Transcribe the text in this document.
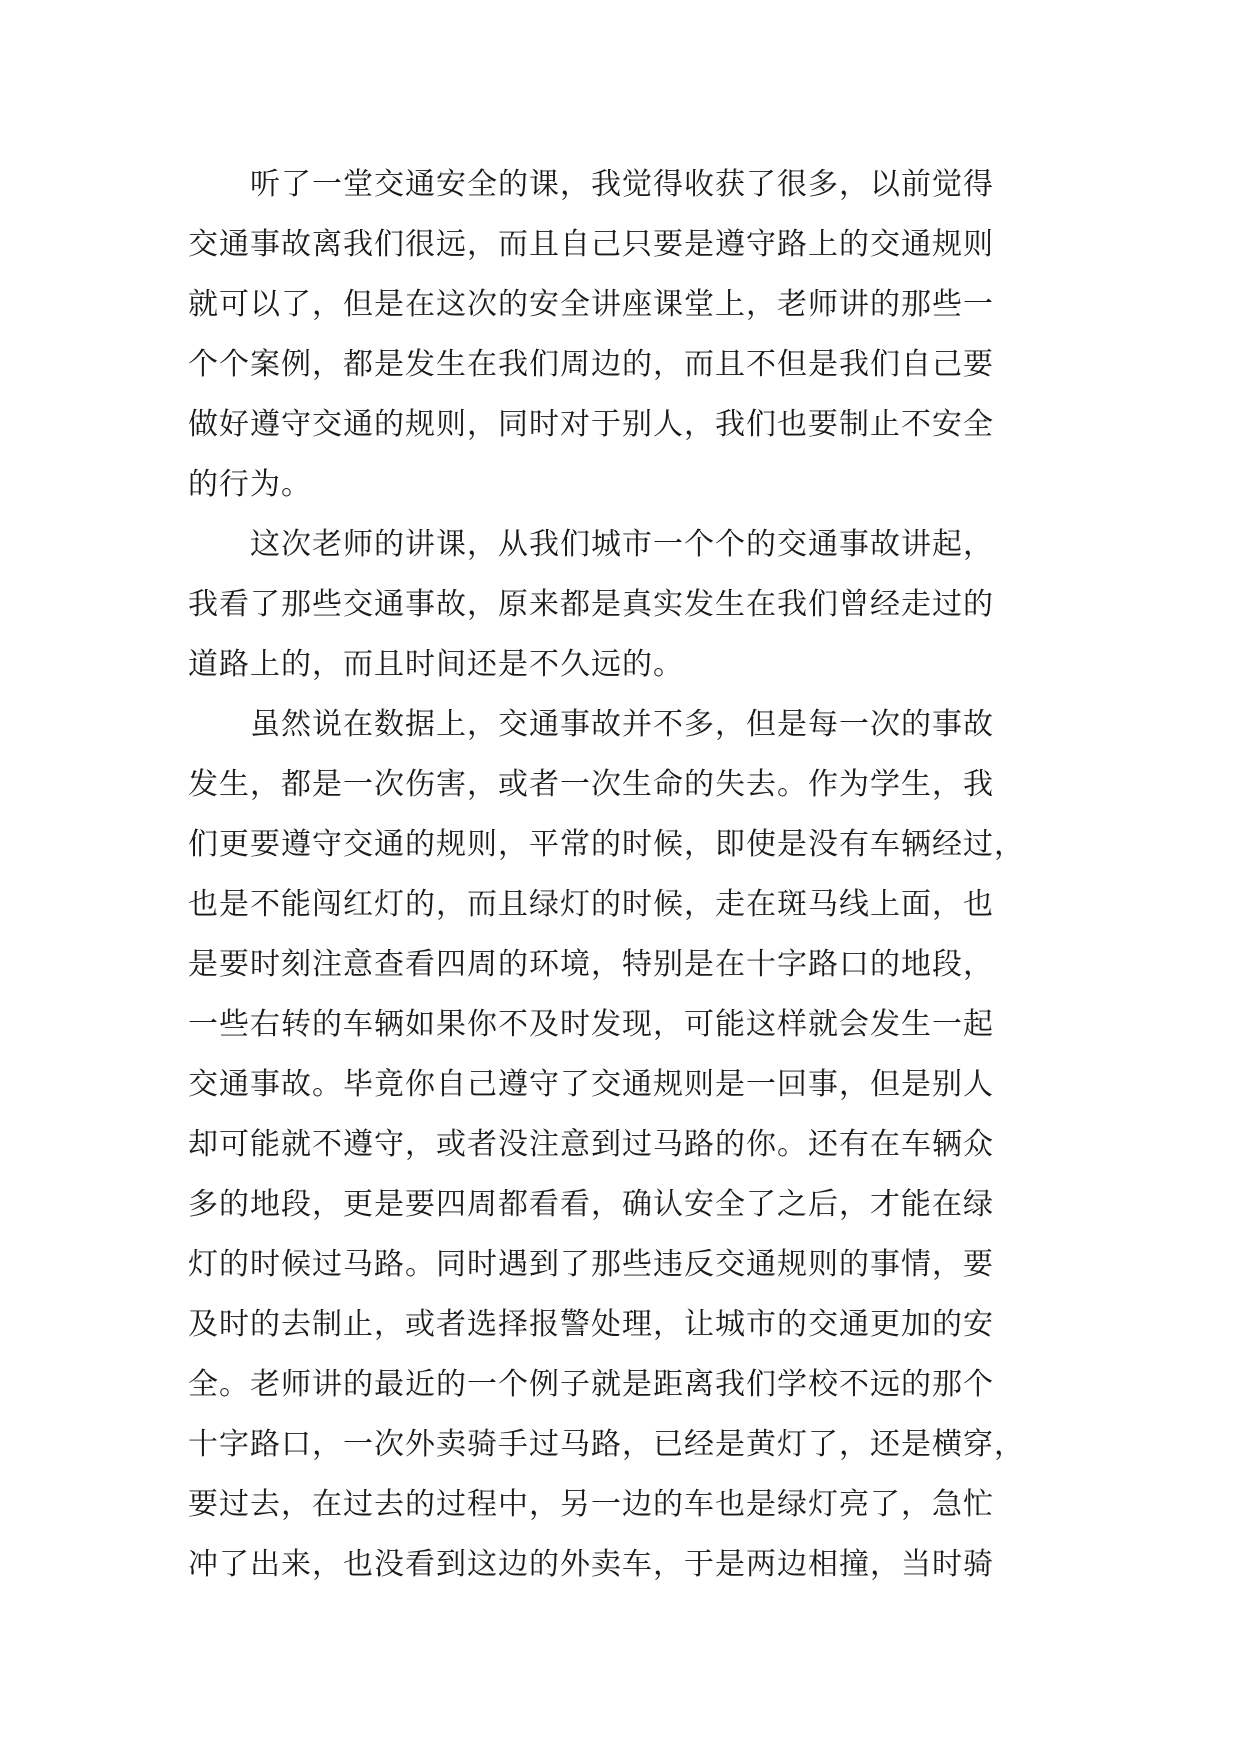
听了一堂交通安全的课，我觉得收获了很多，以前觉得
交通事故离我们很远，而且自己只要是遵守路上的交通规则
就可以了，但是在这次的安全讲座课堂上，老师讲的那些一
个个案例，都是发生在我们周边的，而且不但是我们自己要
做好遵守交通的规则，同时对于别人，我们也要制止不安全
的行为。
这次老师的讲课，从我们城市一个个的交通事故讲起，
我看了那些交通事故，原来都是真实发生在我们曾经走过的
道路上的，而且时间还是不久远的。
虽然说在数据上，交通事故并不多，但是每一次的事故
发生，都是一次伤害，或者一次生命的失去。作为学生，我
们更要遵守交通的规则，平常的时候，即使是没有车辆经过，
也是不能闯红灯的，而且绿灯的时候，走在斑马线上面，也
是要时刻注意查看四周的环境，特别是在十字路口的地段，
一些右转的车辆如果你不及时发现，可能这样就会发生一起
交通事故。毕竟你自己遵守了交通规则是一回事，但是别人
却可能就不遵守，或者没注意到过马路的你。还有在车辆众
多的地段，更是要四周都看看，确认安全了之后，才能在绿
灯的时候过马路。同时遇到了那些违反交通规则的事情，要
及时的去制止，或者选择报警处理，让城市的交通更加的安
全。老师讲的最近的一个例子就是距离我们学校不远的那个
十字路口，一次外卖骑手过马路，已经是黄灯了，还是横穿，
要过去，在过去的过程中，另一边的车也是绿灯亮了，急忙
冲了出来，也没看到这边的外卖车，于是两边相撞，当时骑
